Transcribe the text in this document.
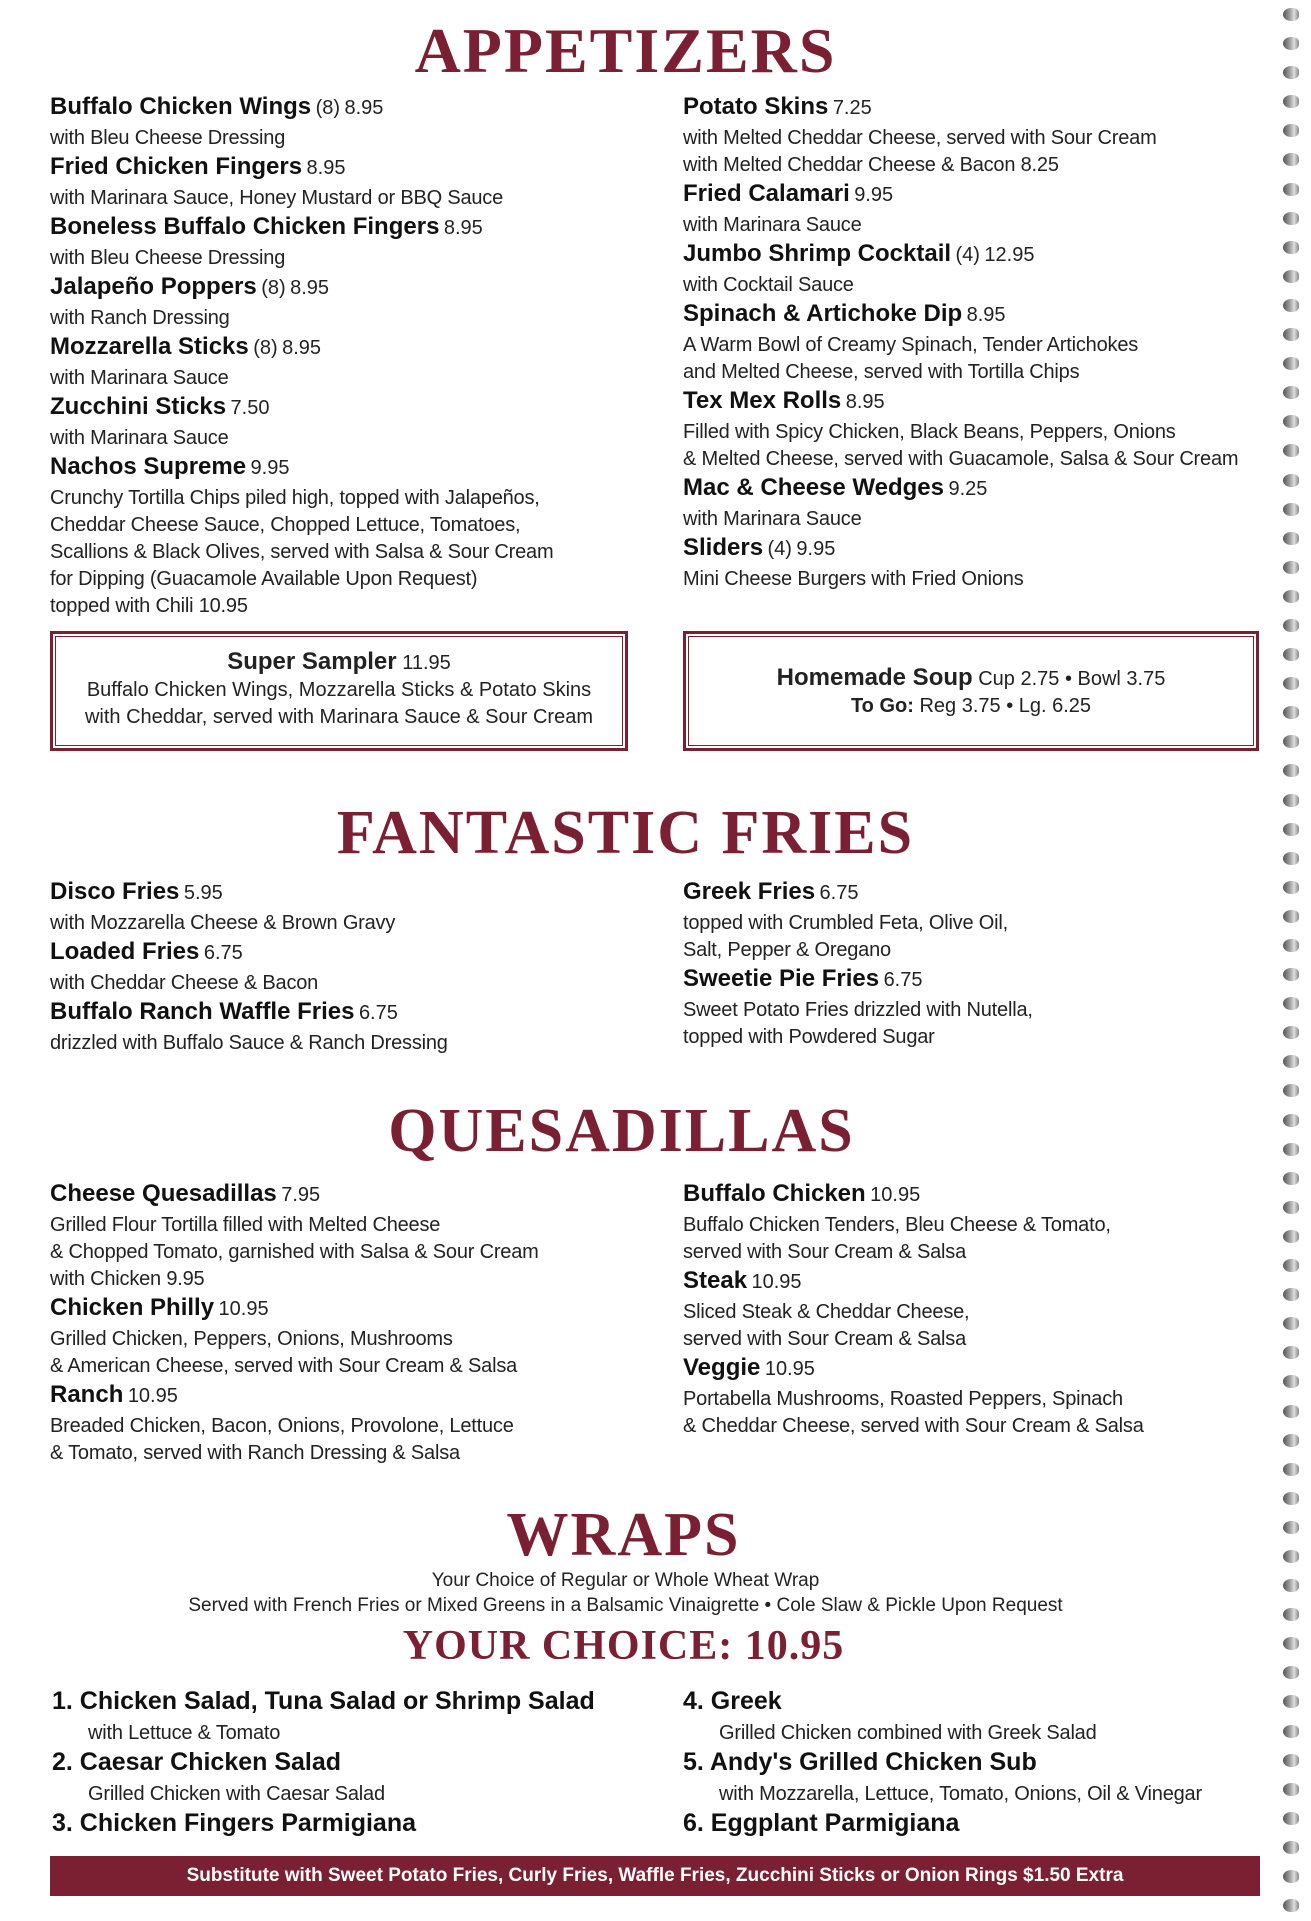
APPETIZERS
Buffalo Chicken Wings (8) 8.95
with Bleu Cheese Dressing
Fried Chicken Fingers 8.95
with Marinara Sauce, Honey Mustard or BBQ Sauce
Boneless Buffalo Chicken Fingers 8.95
with Bleu Cheese Dressing
Jalapeño Poppers (8) 8.95
with Ranch Dressing
Mozzarella Sticks (8) 8.95
with Marinara Sauce
Zucchini Sticks 7.50
with Marinara Sauce
Nachos Supreme 9.95
Crunchy Tortilla Chips piled high, topped with Jalapeños,
Cheddar Cheese Sauce, Chopped Lettuce, Tomatoes,
Scallions & Black Olives, served with Salsa & Sour Cream
for Dipping (Guacamole Available Upon Request)
topped with Chili 10.95
Potato Skins 7.25
with Melted Cheddar Cheese, served with Sour Cream
with Melted Cheddar Cheese & Bacon 8.25
Fried Calamari 9.95
with Marinara Sauce
Jumbo Shrimp Cocktail (4) 12.95
with Cocktail Sauce
Spinach & Artichoke Dip 8.95
A Warm Bowl of Creamy Spinach, Tender Artichokes
and Melted Cheese, served with Tortilla Chips
Tex Mex Rolls 8.95
Filled with Spicy Chicken, Black Beans, Peppers, Onions
& Melted Cheese, served with Guacamole, Salsa & Sour Cream
Mac & Cheese Wedges 9.25
with Marinara Sauce
Sliders (4) 9.95
Mini Cheese Burgers with Fried Onions
Super Sampler 11.95
Buffalo Chicken Wings, Mozzarella Sticks & Potato Skins
with Cheddar, served with Marinara Sauce & Sour Cream
Homemade Soup Cup 2.75 • Bowl 3.75
To Go: Reg 3.75 • Lg. 6.25
FANTASTIC FRIES
Disco Fries 5.95
with Mozzarella Cheese & Brown Gravy
Loaded Fries 6.75
with Cheddar Cheese & Bacon
Buffalo Ranch Waffle Fries 6.75
drizzled with Buffalo Sauce & Ranch Dressing
Greek Fries 6.75
topped with Crumbled Feta, Olive Oil,
Salt, Pepper & Oregano
Sweetie Pie Fries 6.75
Sweet Potato Fries drizzled with Nutella,
topped with Powdered Sugar
QUESADILLAS
Cheese Quesadillas 7.95
Grilled Flour Tortilla filled with Melted Cheese
& Chopped Tomato, garnished with Salsa & Sour Cream
with Chicken 9.95
Chicken Philly 10.95
Grilled Chicken, Peppers, Onions, Mushrooms
& American Cheese, served with Sour Cream & Salsa
Ranch 10.95
Breaded Chicken, Bacon, Onions, Provolone, Lettuce
& Tomato, served with Ranch Dressing & Salsa
Buffalo Chicken 10.95
Buffalo Chicken Tenders, Bleu Cheese & Tomato,
served with Sour Cream & Salsa
Steak 10.95
Sliced Steak & Cheddar Cheese,
served with Sour Cream & Salsa
Veggie 10.95
Portabella Mushrooms, Roasted Peppers, Spinach
& Cheddar Cheese, served with Sour Cream & Salsa
WRAPS
Your Choice of Regular or Whole Wheat Wrap
Served with French Fries or Mixed Greens in a Balsamic Vinaigrette • Cole Slaw & Pickle Upon Request
YOUR CHOICE: 10.95
1. Chicken Salad, Tuna Salad or Shrimp Salad
with Lettuce & Tomato
2. Caesar Chicken Salad
Grilled Chicken with Caesar Salad
3. Chicken Fingers Parmigiana
4. Greek
Grilled Chicken combined with Greek Salad
5. Andy's Grilled Chicken Sub
with Mozzarella, Lettuce, Tomato, Onions, Oil & Vinegar
6. Eggplant Parmigiana
Substitute with Sweet Potato Fries, Curly Fries, Waffle Fries, Zucchini Sticks or Onion Rings $1.50 Extra
